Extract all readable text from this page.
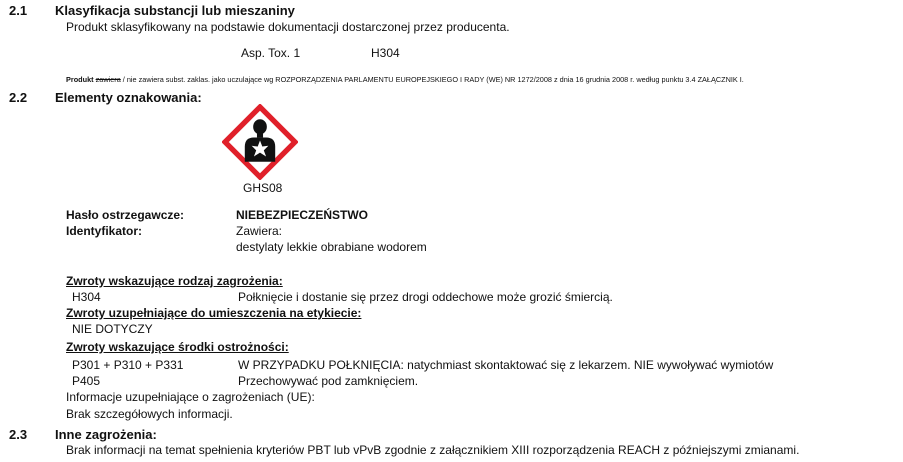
2.1 Klasyfikacja substancji lub mieszaniny
Produkt sklasyfikowany na podstawie dokumentacji dostarczonej przez producenta.
Asp. Tox. 1	H304
Produkt zawiera / nie zawiera subst. zaklas. jako uczulające wg ROZPORZĄDZENIA PARLAMENTU EUROPEJSKIEGO I RADY (WE) NR 1272/2008 z dnia 16 grudnia 2008 r. według punktu 3.4 ZAŁĄCZNIK I.
2.2 Elementy oznakowania:
GHS08
Hasło ostrzegawcze:	NIEBEZPIECZEŃSTWO
Identyfikator:	Zawiera:
destylaty lekkie obrabiane wodorem
Zwroty wskazujące rodzaj zagrożenia:
H304	Połknięcie i dostanie się przez drogi oddechowe może grozić śmiercią.
Zwroty uzupełniające do umieszczenia na etykiecie:
NIE DOTYCZY
Zwroty wskazujące środki ostrożności:
P301 + P310 + P331	W PRZYPADKU POŁKNIĘCIA: natychmiast skontaktować się z lekarzem. NIE wywoływać wymiotów
P405	Przechowywać pod zamknięciem.
Informacje uzupełniające o zagrożeniach (UE):
Brak szczegółowych informacji.
2.3 Inne zagrożenia:
Brak informacji na temat spełnienia kryteriów PBT lub vPvB zgodnie z załącznikiem XIII rozporządzenia REACH z późniejszymi zmianami.
